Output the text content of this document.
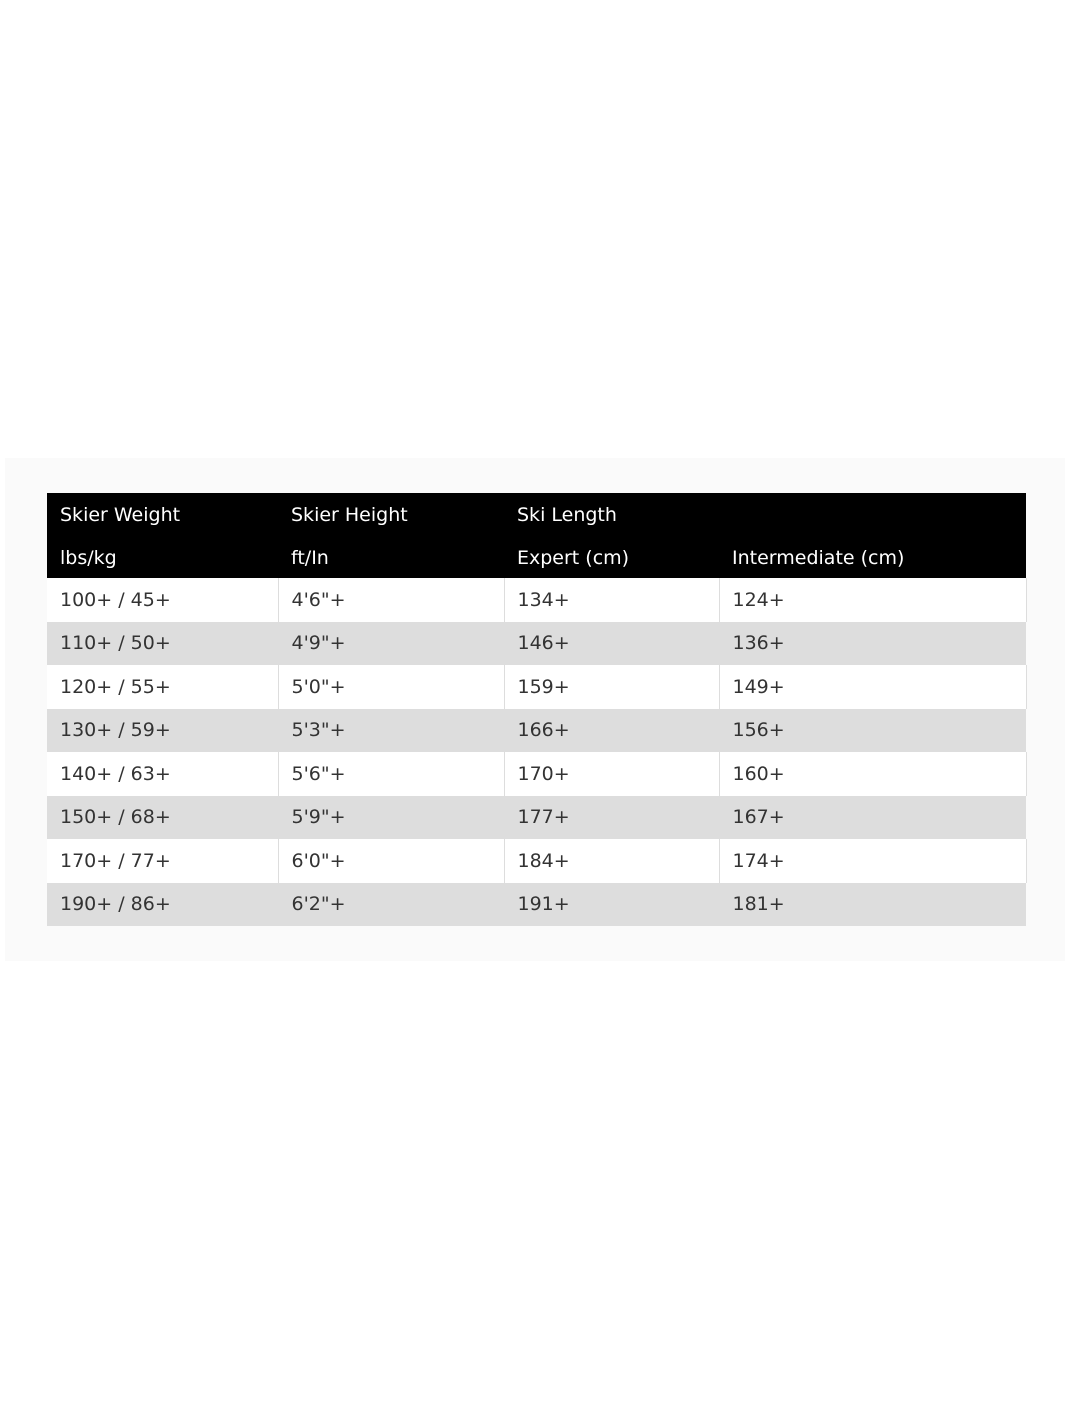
Skier Weight	Skier Height	Ski Length	
lbs/kg	ft/In	Expert (cm)	Intermediate (cm)
100+ / 45+	4'6"+	134+	124+
110+ / 50+	4'9"+	146+	136+
120+ / 55+	5'0"+	159+	149+
130+ / 59+	5'3"+	166+	156+
140+ / 63+	5'6"+	170+	160+
150+ / 68+	5'9"+	177+	167+
170+ / 77+	6'0"+	184+	174+
190+ / 86+	6'2"+	191+	181+
